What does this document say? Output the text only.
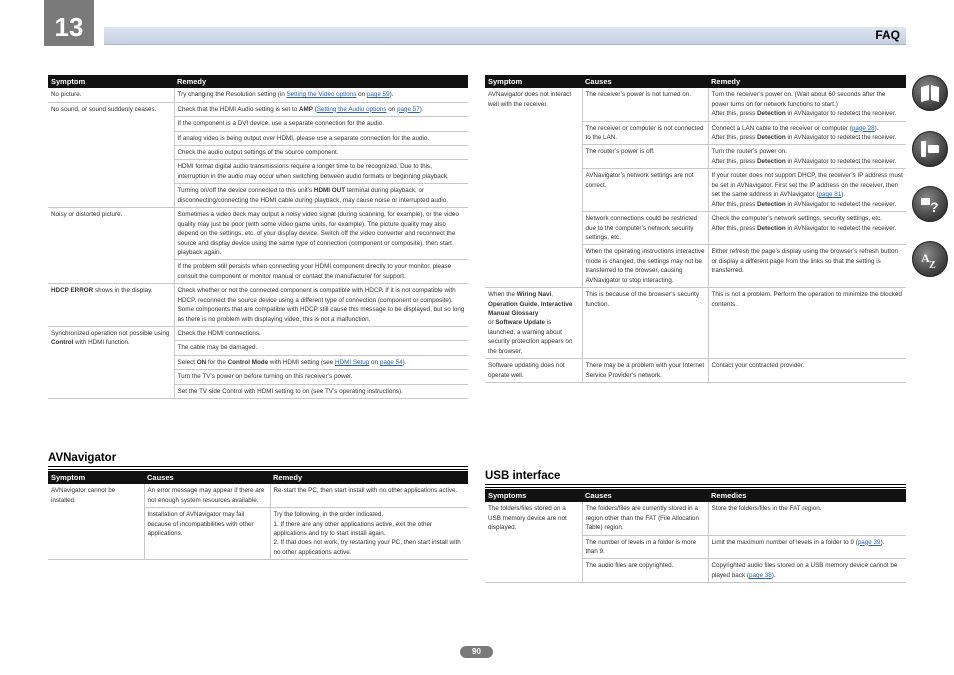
13	FAQ
Symptom	Remedy
No picture.	Try changing the Resolution setting (in Setting the Video options on page 59).
No sound, or sound suddenly ceases.	Check that the HDMI Audio setting is set to AMP (Setting the Audio options on page 57).
	If the component is a DVI device, use a separate connection for the audio.
	If analog video is being output over HDMI, please use a separate connection for the audio.
	Check the audio output settings of the source component.
	HDMI format digital audio transmissions require a longer time to be recognized. Due to this, interruption in the audio may occur when switching between audio formats or beginning playback.
	Turning on/off the device connected to this unit’s HDMI OUT terminal during playback, or disconnecting/connecting the HDMI cable during playback, may cause noise or interrupted audio.
Noisy or distorted picture.	Sometimes a video deck may output a noisy video signal (during scanning, for example), or the video quality may just be poor (with some video game units, for example). The picture quality may also depend on the settings, etc. of your display device. Switch off the video converter and reconnect the source and display device using the same type of connection (component or composite), then start playback again.
	If the problem still persists when connecting your HDMI component directly to your monitor, please consult the component or monitor manual or contact the manufacturer for support.
HDCP ERROR shows in the display.	Check whether or not the connected component is compatible with HDCP. If it is not compatible with HDCP, reconnect the source device using a different type of connection (component or composite). Some components that are compatible with HDCP still cause this message to be displayed, but so long as there is no problem with displaying video, this is not a malfunction.
Synchronized operation not possible using Control with HDMI function.	Check the HDMI connections.
	The cable may be damaged.
	Select ON for the Control Mode with HDMI setting (see HDMI Setup on page 54).
	Turn the TV’s power on before turning on this receiver’s power.
	Set the TV side Control with HDMI setting to on (see TV’s operating instructions).
AVNavigator
Symptom	Causes	Remedy
AVNavigator cannot be installed.	An error message may appear if there are not enough system resources available.	Re-start the PC, then start install with no other applications active.
	Installation of AVNavigator may fail because of incompatibilities with other applications.	Try the following, in the order indicated.
1. If there are any other applications active, exit the other applications and try to start install again.
2. If that does not work, try restarting your PC, then start install with no other applications active.
Symptom	Causes	Remedy
AVNavigator does not interact well with the receiver.	The receiver’s power is not turned on.	Turn the receiver’s power on. (Wait about 60 seconds after the power turns on for network functions to start.)
After this, press Detection in AVNavigator to redetect the receiver.
	The receiver or computer is not connected to the LAN.	Connect a LAN cable to the receiver or computer (page 28).
After this, press Detection in AVNavigator to redetect the receiver.
	The router’s power is off.	Turn the router’s power on.
After this, press Detection in AVNavigator to redetect the receiver.
	AVNavigator’s network settings are not correct.	If your router does not support DHCP, the receiver’s IP address must be set in AVNavigator. First set the IP address on the receiver, then set the same address in AVNavigator (page 81).
After this, press Detection in AVNavigator to redetect the receiver.
	Network connections could be restricted due to the computer’s network security settings, etc.	Check the computer’s network settings, security settings, etc.
After this, press Detection in AVNavigator to redetect the receiver.
	When the operating instructions interactive mode is changed, the settings may not be transferred to the browser, causing AVNavigator to stop interacting.	Either refresh the page’s display using the browser’s refresh button or display a different page from the links so that the setting is transferred.
When the Wiring Navi, Operation Guide, Interactive Manual Glossary
or Software Update is launched, a warning about security protection appears on the browser.	This is because of the browser’s security function.	This is not a problem. Perform the operation to minimize the blocked contents.
Software updating does not operate well.	There may be a problem with your Internet Service Provider’s network.	Contact your contracted provider.
USB interface
Symptoms	Causes	Remedies
The folders/files stored on a USB memory device are not displayed.	The folders/files are currently stored in a region other than the FAT (File Allocation Table) region.	Store the folders/files in the FAT region.
	The number of levels in a folder is more than 9.	Limit the maximum number of levels in a folder to 9 (page 39).
	The audio files are copyrighted.	Copyrighted audio files stored on a USB memory device cannot be played back (page 38).
?
A
Z
90
